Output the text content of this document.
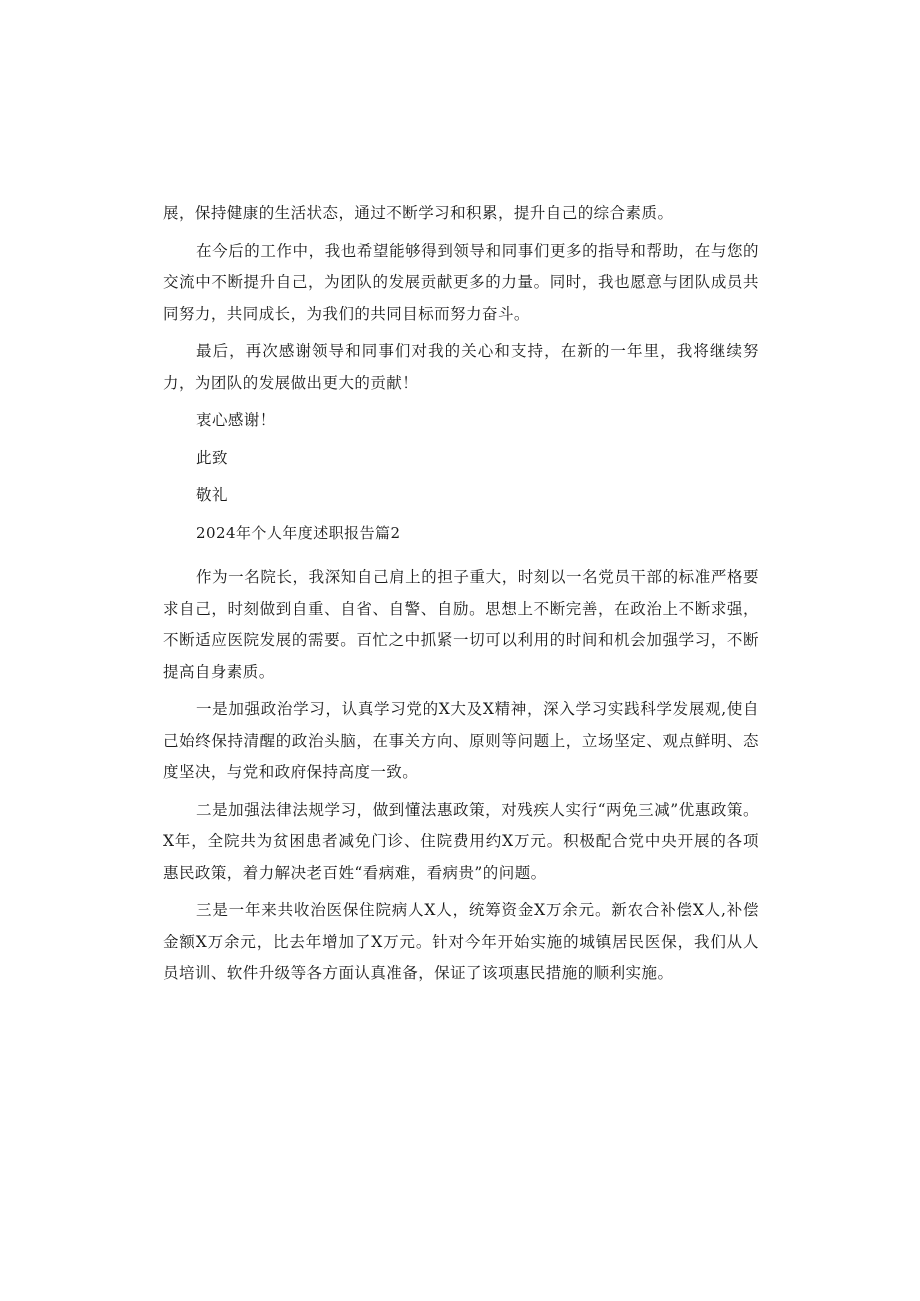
展，保持健康的生活状态，通过不断学习和积累，提升自己的综合素质。

在今后的工作中，我也希望能够得到领导和同事们更多的指导和帮助，在与您的交流中不断提升自己，为团队的发展贡献更多的力量。同时，我也愿意与团队成员共同努力，共同成长，为我们的共同目标而努力奋斗。

最后，再次感谢领导和同事们对我的关心和支持，在新的一年里，我将继续努力，为团队的发展做出更大的贡献！

衷心感谢！

此致

敬礼

2024年个人年度述职报告篇2

作为一名院长，我深知自己肩上的担子重大，时刻以一名党员干部的标准严格要求自己，时刻做到自重、自省、自警、自励。思想上不断完善，在政治上不断求强，不断适应医院发展的需要。百忙之中抓紧一切可以利用的时间和机会加强学习，不断提高自身素质。

一是加强政治学习，认真学习党的X大及X精神，深入学习实践科学发展观,使自己始终保持清醒的政治头脑，在事关方向、原则等问题上，立场坚定、观点鲜明、态度坚决，与党和政府保持高度一致。

二是加强法律法规学习，做到懂法惠政策，对残疾人实行“两免三减”优惠政策。X年，全院共为贫困患者减免门诊、住院费用约X万元。积极配合党中央开展的各项惠民政策，着力解决老百姓“看病难，看病贵”的问题。

三是一年来共收治医保住院病人X人，统筹资金X万余元。新农合补偿X人,补偿金额X万余元，比去年增加了X万元。针对今年开始实施的城镇居民医保，我们从人员培训、软件升级等各方面认真准备，保证了该项惠民措施的顺利实施。
